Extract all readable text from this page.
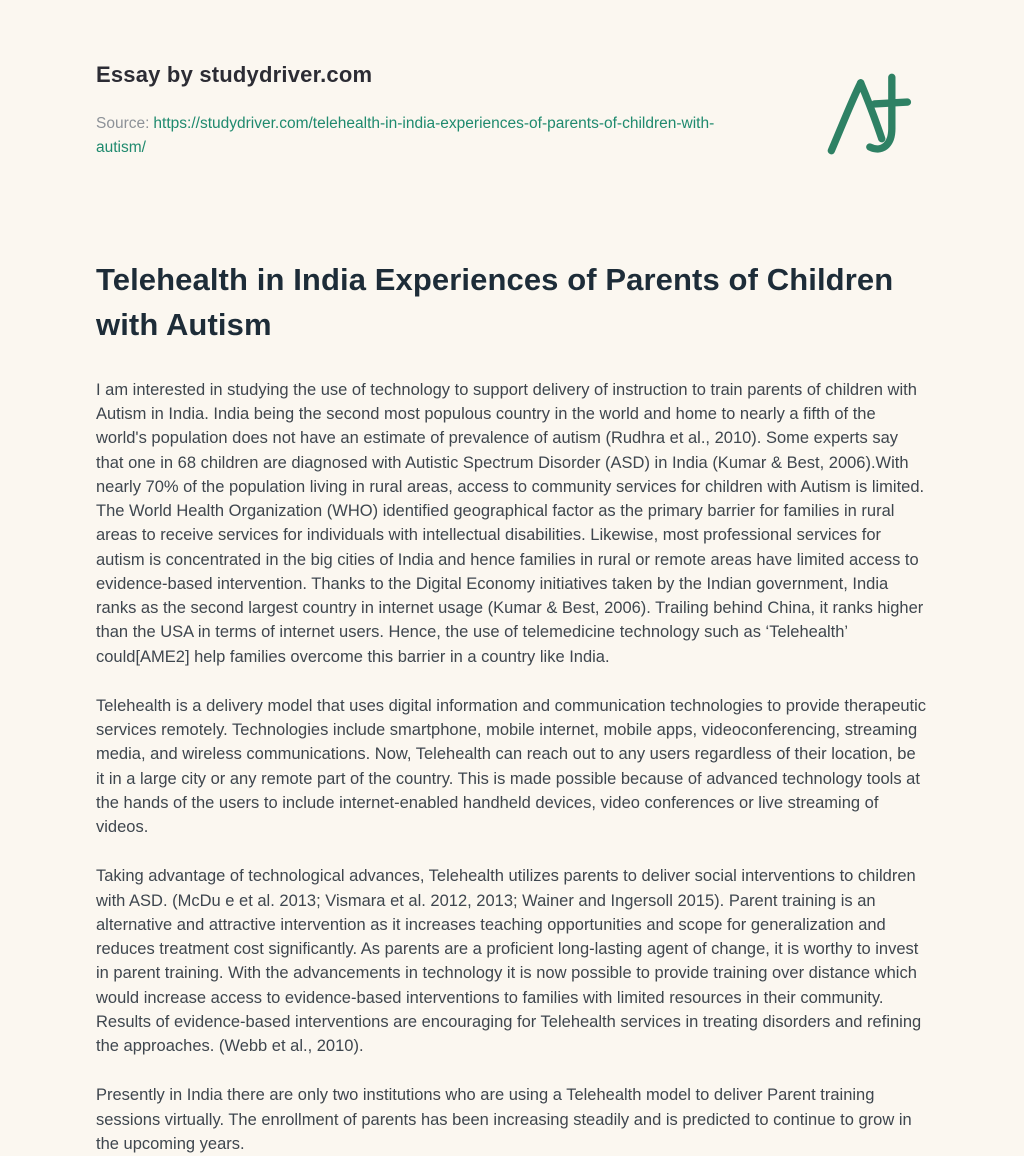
Essay by studydriver.com

Source: https://studydriver.com/telehealth-in-india-experiences-of-parents-of-children-with-autism/

Telehealth in India Experiences of Parents of Children with Autism

I am interested in studying the use of technology to support delivery of instruction to train parents of children with Autism in India. India being the second most populous country in the world and home to nearly a fifth of the world's population does not have an estimate of prevalence of autism (Rudhra et al., 2010). Some experts say that one in 68 children are diagnosed with Autistic Spectrum Disorder (ASD) in India (Kumar & Best, 2006).With nearly 70% of the population living in rural areas, access to community services for children with Autism is limited. The World Health Organization (WHO) identified geographical factor as the primary barrier for families in rural areas to receive services for individuals with intellectual disabilities. Likewise, most professional services for autism is concentrated in the big cities of India and hence families in rural or remote areas have limited access to evidence-based intervention. Thanks to the Digital Economy initiatives taken by the Indian government, India ranks as the second largest country in internet usage (Kumar & Best, 2006). Trailing behind China, it ranks higher than the USA in terms of internet users. Hence, the use of telemedicine technology such as ‘Telehealth’ could[AME2] help families overcome this barrier in a country like India.

Telehealth is a delivery model that uses digital information and communication technologies to provide therapeutic services remotely. Technologies include smartphone, mobile internet, mobile apps, videoconferencing, streaming media, and wireless communications. Now, Telehealth can reach out to any users regardless of their location, be it in a large city or any remote part of the country. This is made possible because of advanced technology tools at the hands of the users to include internet-enabled handheld devices, video conferences or live streaming of videos.

Taking advantage of technological advances, Telehealth utilizes parents to deliver social interventions to children with ASD. (McDu e et al. 2013; Vismara et al. 2012, 2013; Wainer and Ingersoll 2015). Parent training is an alternative and attractive intervention as it increases teaching opportunities and scope for generalization and reduces treatment cost significantly. As parents are a proficient long-lasting agent of change, it is worthy to invest in parent training. With the advancements in technology it is now possible to provide training over distance which would increase access to evidence-based interventions to families with limited resources in their community. Results of evidence-based interventions are encouraging for Telehealth services in treating disorders and refining the approaches. (Webb et al., 2010).

Presently in India there are only two institutions who are using a Telehealth model to deliver Parent training sessions virtually. The enrollment of parents has been increasing steadily and is predicted to continue to grow in the upcoming years.
